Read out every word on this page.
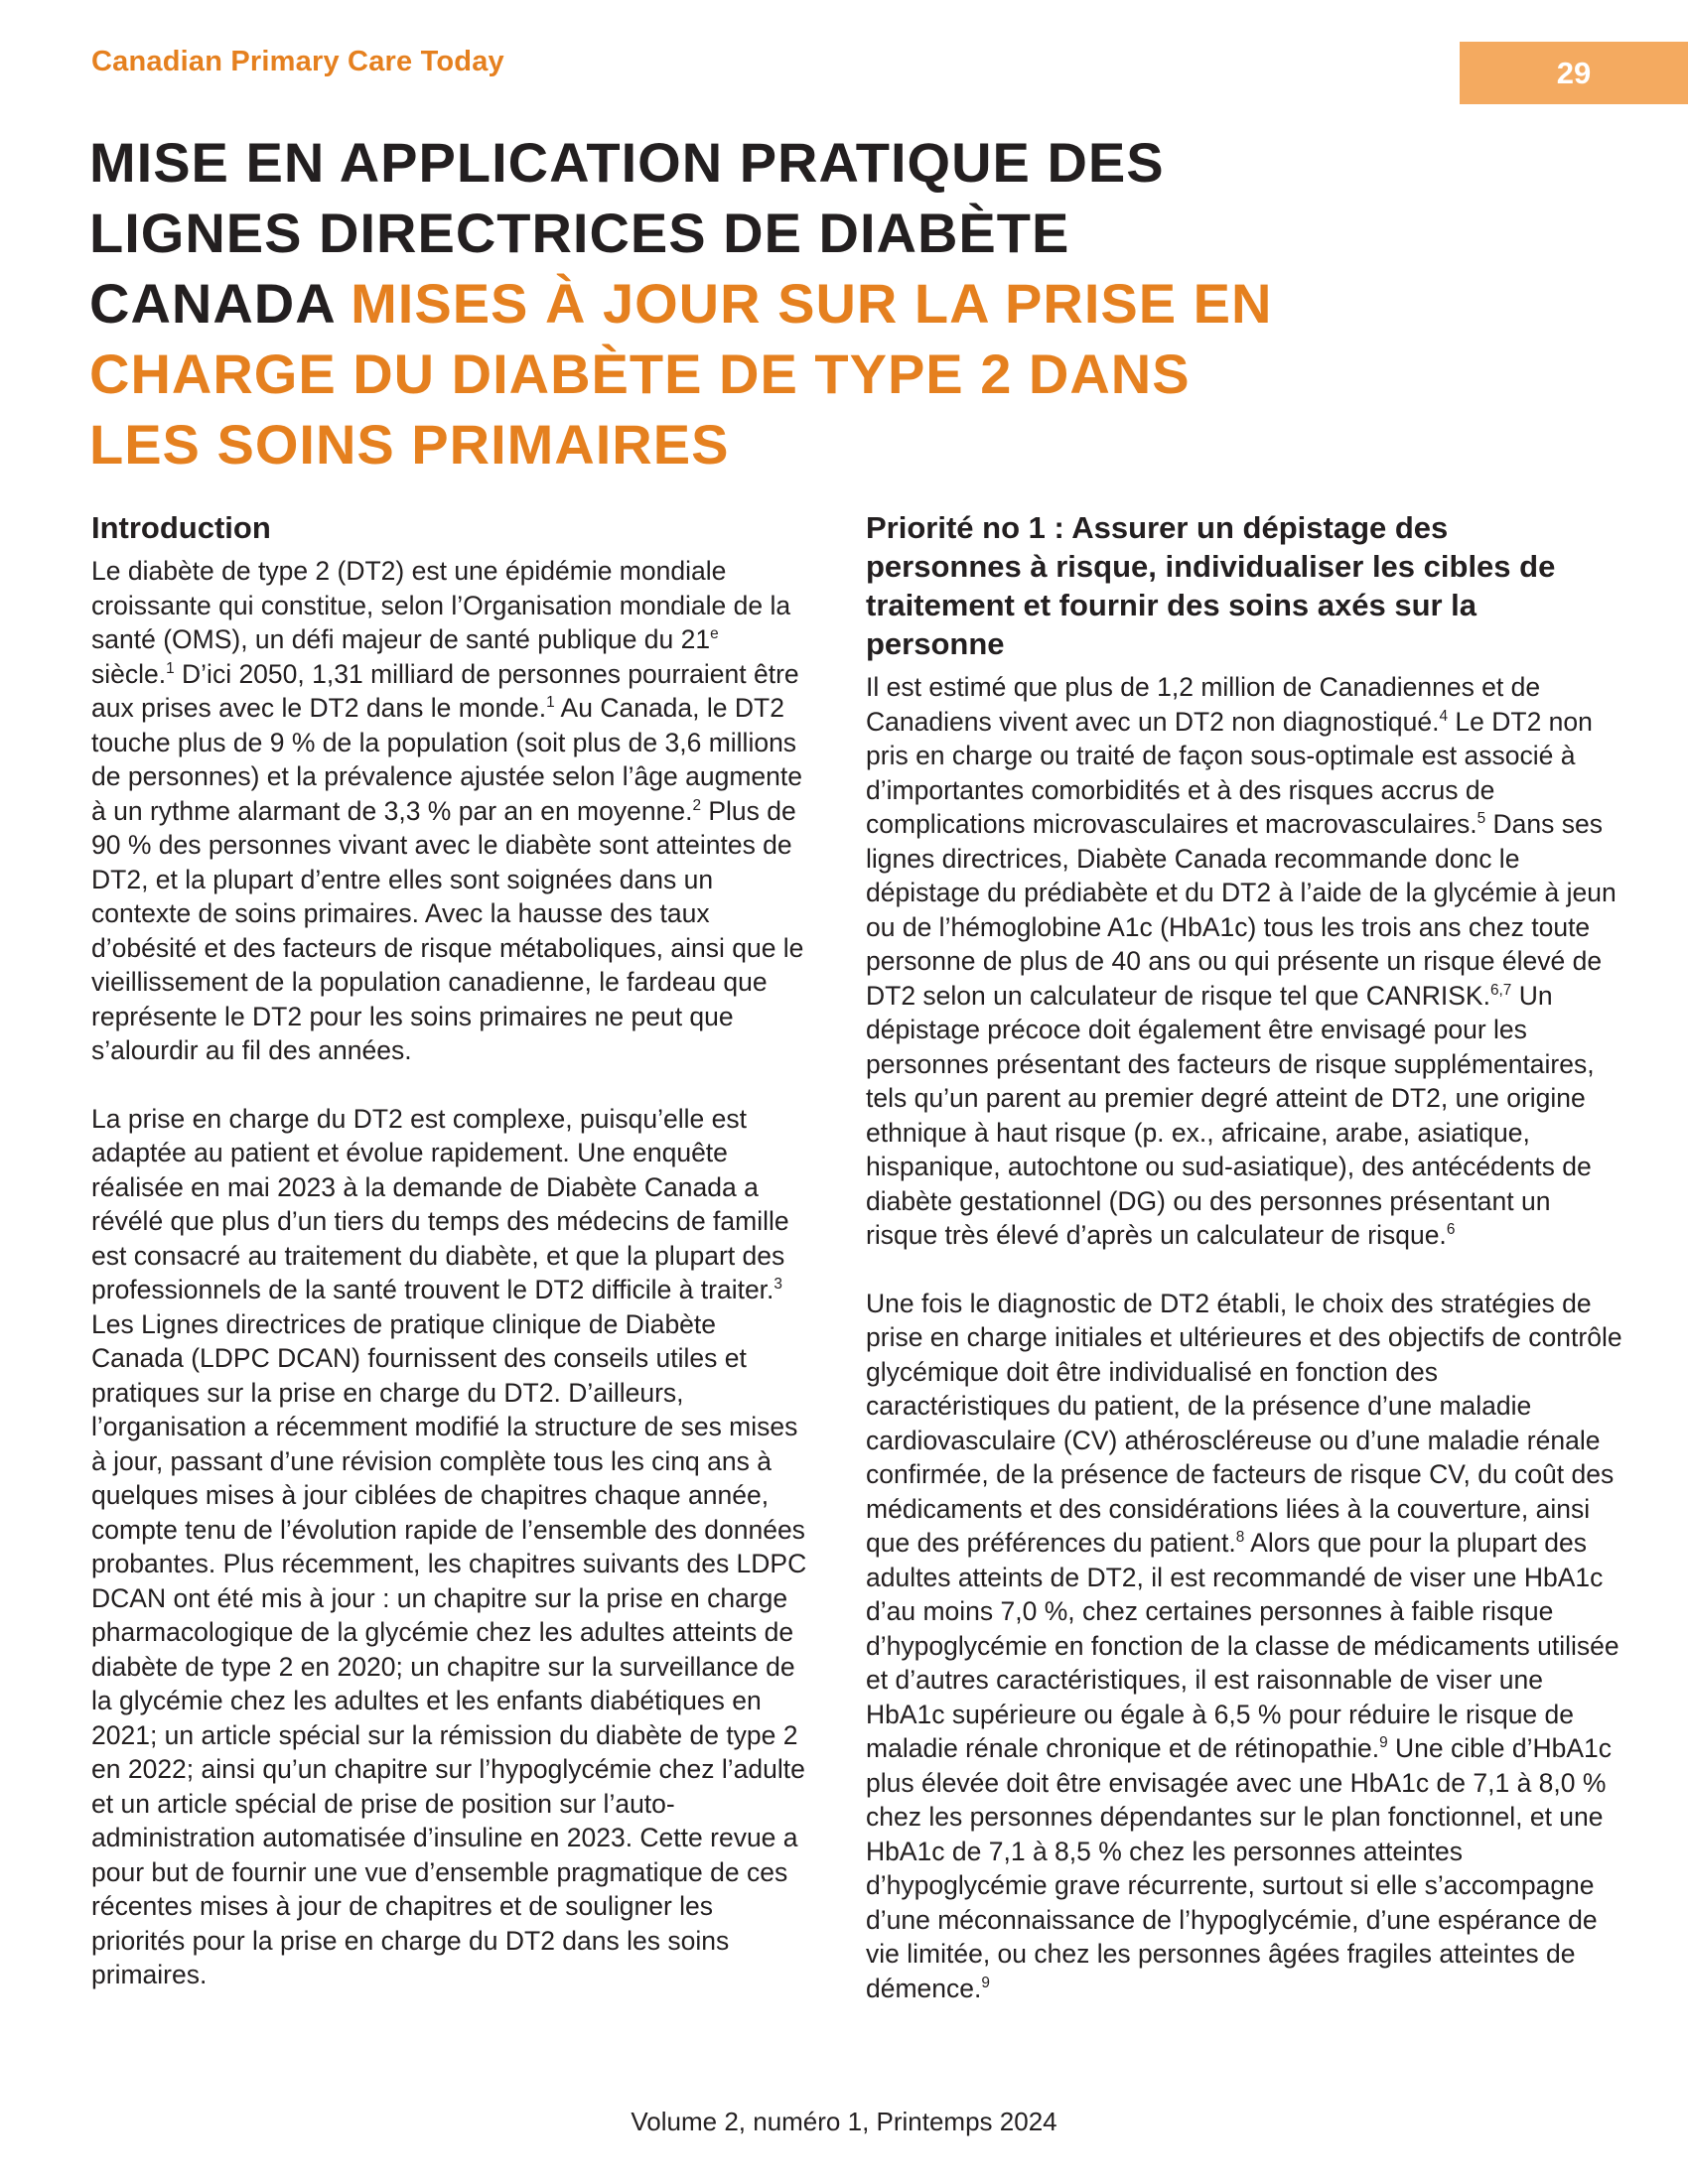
Canadian Primary Care Today	29
MISE EN APPLICATION PRATIQUE DES
LIGNES DIRECTRICES DE DIABÈTE
CANADA MISES À JOUR SUR LA PRISE EN
CHARGE DU DIABÈTE DE TYPE 2 DANS
LES SOINS PRIMAIRES
Introduction

Le diabète de type 2 (DT2) est une épidémie mondiale croissante qui constitue, selon l’Organisation mondiale de la santé (OMS), un défi majeur de santé publique du 21e siècle.$^1$ D’ici 2050, 1,31 milliard de personnes pourraient être aux prises avec le DT2 dans le monde.$^1$ Au Canada, le DT2 touche plus de 9 % de la population (soit plus de 3,6 millions de personnes) et la prévalence ajustée selon l’âge augmente à un rythme alarmant de 3,3 % par an en moyenne.$^2$ Plus de 90 % des personnes vivant avec le diabète sont atteintes de DT2, et la plupart d’entre elles sont soignées dans un contexte de soins primaires. Avec la hausse des taux d’obésité et des facteurs de risque métaboliques, ainsi que le vieillissement de la population canadienne, le fardeau que représente le DT2 pour les soins primaires ne peut que s’alourdir au fil des années.

La prise en charge du DT2 est complexe, puisqu’elle est adaptée au patient et évolue rapidement. Une enquête réalisée en mai 2023 à la demande de Diabète Canada a révélé que plus d’un tiers du temps des médecins de famille est consacré au traitement du diabète, et que la plupart des professionnels de la santé trouvent le DT2 difficile à traiter.$^3$ Les Lignes directrices de pratique clinique de Diabète Canada (LDPC DCAN) fournissent des conseils utiles et pratiques sur la prise en charge du DT2. D’ailleurs, l’organisation a récemment modifié la structure de ses mises à jour, passant d’une révision complète tous les cinq ans à quelques mises à jour ciblées de chapitres chaque année, compte tenu de l’évolution rapide de l’ensemble des données probantes. Plus récemment, les chapitres suivants des LDPC DCAN ont été mis à jour : un chapitre sur la prise en charge pharmacologique de la glycémie chez les adultes atteints de diabète de type 2 en 2020; un chapitre sur la surveillance de la glycémie chez les adultes et les enfants diabétiques en 2021; un article spécial sur la rémission du diabète de type 2 en 2022; ainsi qu’un chapitre sur l’hypoglycémie chez l’adulte et un article spécial de prise de position sur l’auto-administration automatisée d’insuline en 2023. Cette revue a pour but de fournir une vue d’ensemble pragmatique de ces récentes mises à jour de chapitres et de souligner les priorités pour la prise en charge du DT2 dans les soins primaires.

Priorité no 1 : Assurer un dépistage des personnes à risque, individualiser les cibles de traitement et fournir des soins axés sur la personne

Il est estimé que plus de 1,2 million de Canadiennes et de Canadiens vivent avec un DT2 non diagnostiqué.$^4$ Le DT2 non pris en charge ou traité de façon sous-optimale est associé à d’importantes comorbidités et à des risques accrus de complications microvasculaires et macrovasculaires.$^5$ Dans ses lignes directrices, Diabète Canada recommande donc le dépistage du prédiabète et du DT2 à l’aide de la glycémie à jeun ou de l’hémoglobine A1c (HbA1c) tous les trois ans chez toute personne de plus de 40 ans ou qui présente un risque élevé de DT2 selon un calculateur de risque tel que CANRISK.$^{6,7}$ Un dépistage précoce doit également être envisagé pour les personnes présentant des facteurs de risque supplémentaires, tels qu’un parent au premier degré atteint de DT2, une origine ethnique à haut risque (p. ex., africaine, arabe, asiatique, hispanique, autochtone ou sud-asiatique), des antécédents de diabète gestationnel (DG) ou des personnes présentant un risque très élevé d’après un calculateur de risque.$^6$

Une fois le diagnostic de DT2 établi, le choix des stratégies de prise en charge initiales et ultérieures et des objectifs de contrôle glycémique doit être individualisé en fonction des caractéristiques du patient, de la présence d’une maladie cardiovasculaire (CV) athéroscléreuse ou d’une maladie rénale confirmée, de la présence de facteurs de risque CV, du coût des médicaments et des considérations liées à la couverture, ainsi que des préférences du patient.$^8$ Alors que pour la plupart des adultes atteints de DT2, il est recommandé de viser une HbA1c d’au moins 7,0 %, chez certaines personnes à faible risque d’hypoglycémie en fonction de la classe de médicaments utilisée et d’autres caractéristiques, il est raisonnable de viser une HbA1c supérieure ou égale à 6,5 % pour réduire le risque de maladie rénale chronique et de rétinopathie.$^9$ Une cible d’HbA1c plus élevée doit être envisagée avec une HbA1c de 7,1 à 8,0 % chez les personnes dépendantes sur le plan fonctionnel, et une HbA1c de 7,1 à 8,5 % chez les personnes atteintes d’hypoglycémie grave récurrente, surtout si elle s’accompagne d’une méconnaissance de l’hypoglycémie, d’une espérance de vie limitée, ou chez les personnes âgées fragiles atteintes de démence.$^9$

Volume 2, numéro 1, Printemps 2024
